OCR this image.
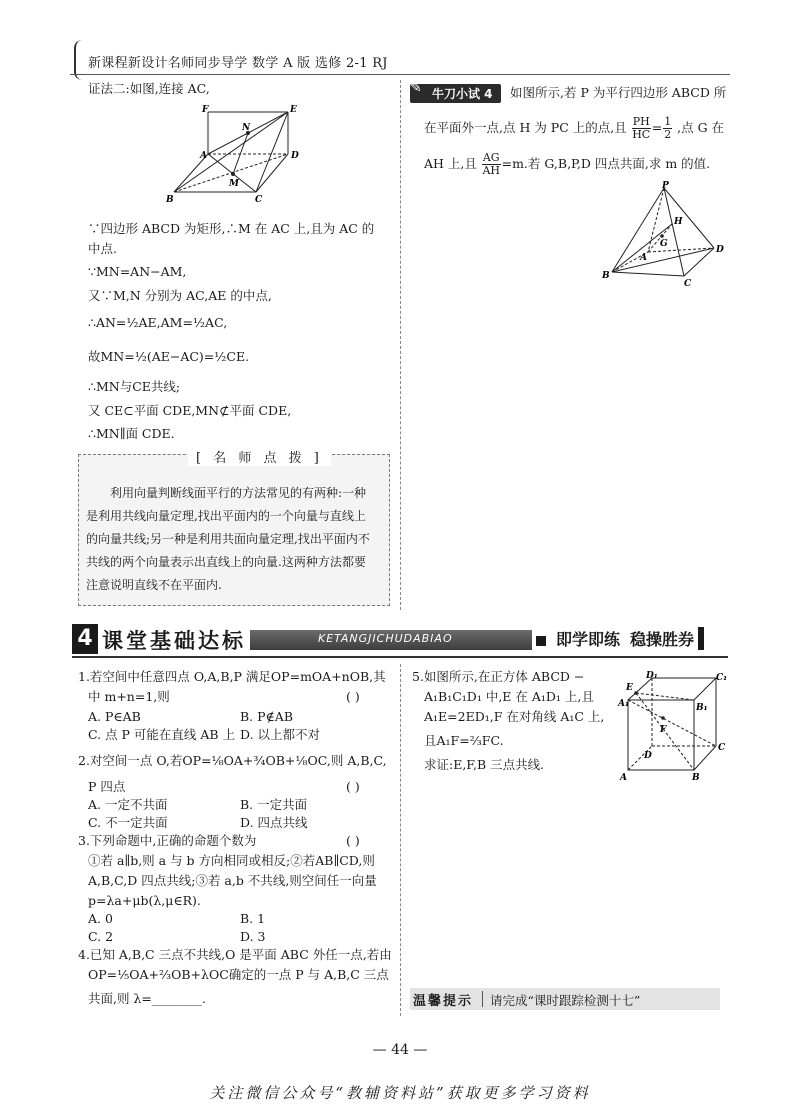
新课程新设计名师同步导学 数学 A 版 选修 2-1 RJ
证法二:如图,连接 AC,
F	E
N
A	D
M
B	C
∵四边形 ABCD 为矩形,∴M 在 AC 上,且为 AC 的
中点.
∵MN=AN−AM,
又∵M,N 分别为 AC,AE 的中点,
∴AN=½AE,AM=½AC,
故MN=½(AE−AC)=½CE.
∴MN与CE共线;
又 CE⊂平面 CDE,MN⊄平面 CDE,
∴MN∥面 CDE.
[ 名 师 点 拨 ]
利用向量判断线面平行的方法常见的有两种:一种
是利用共线向量定理,找出平面内的一个向量与直线上
的向量共线;另一种是利用共面向量定理,找出平面内不
共线的两个向量表示出直线上的向量.这两种方法都要
注意说明直线不在平面内.
牛刀小试 4
✎	如图所示,若 P 为平行四边形 ABCD 所
在平面外一点,点 H 为 PC 上的点,且 $\frac{PH}{HC} = \frac{1}{2}$ ,点 G 在
AH 上,且 $\frac{AG}{AH} =m$.若 G,B,P,D 四点共面,求 m 的值.
P
H
G
A
D
B
C
4 课堂基础达标	KETANGJICHUDABIAO	即学即练 稳操胜券
1.若空间中任意四点 O,A,B,P 满足OP=mOA+nOB,其
中 m+n=1,则	( )
A. P∈AB	B. P∉AB
C. 点 P 可能在直线 AB 上 D. 以上都不对
2.对空间一点 O,若OP=⅛OA+¾OB+⅛OC,则 A,B,C,
P 四点	( )
A. 一定不共面	B. 一定共面
C. 不一定共面	D. 四点共线
3.下列命题中,正确的命题个数为	( )
①若 a∥b,则 a 与 b 方向相同或相反;②若AB∥CD,则
A,B,C,D 四点共线;③若 a,b 不共线,则空间任一向量
p=λa+μb(λ,μ∈R).
A. 0	B. 1
C. 2	D. 3
4.已知 A,B,C 三点不共线,O 是平面 ABC 外任一点,若由
OP=⅕OA+⅔OB+λOC确定的一点 P 与 A,B,C 三点
共面,则 λ=________.
5.如图所示,在正方体 ABCD −
A₁B₁C₁D₁ 中,E 在 A₁D₁ 上,且
A₁E=2ED₁,F 在对角线 A₁C 上,
且A₁F=⅔FC.
求证:E,F,B 三点共线.
D₁	C₁
A₁	B₁
E
F
D
C
A	B
温馨提示 请完成“课时跟踪检测十七”
— 44 —
关注微信公众号“教辅资料站”获取更多学习资料
